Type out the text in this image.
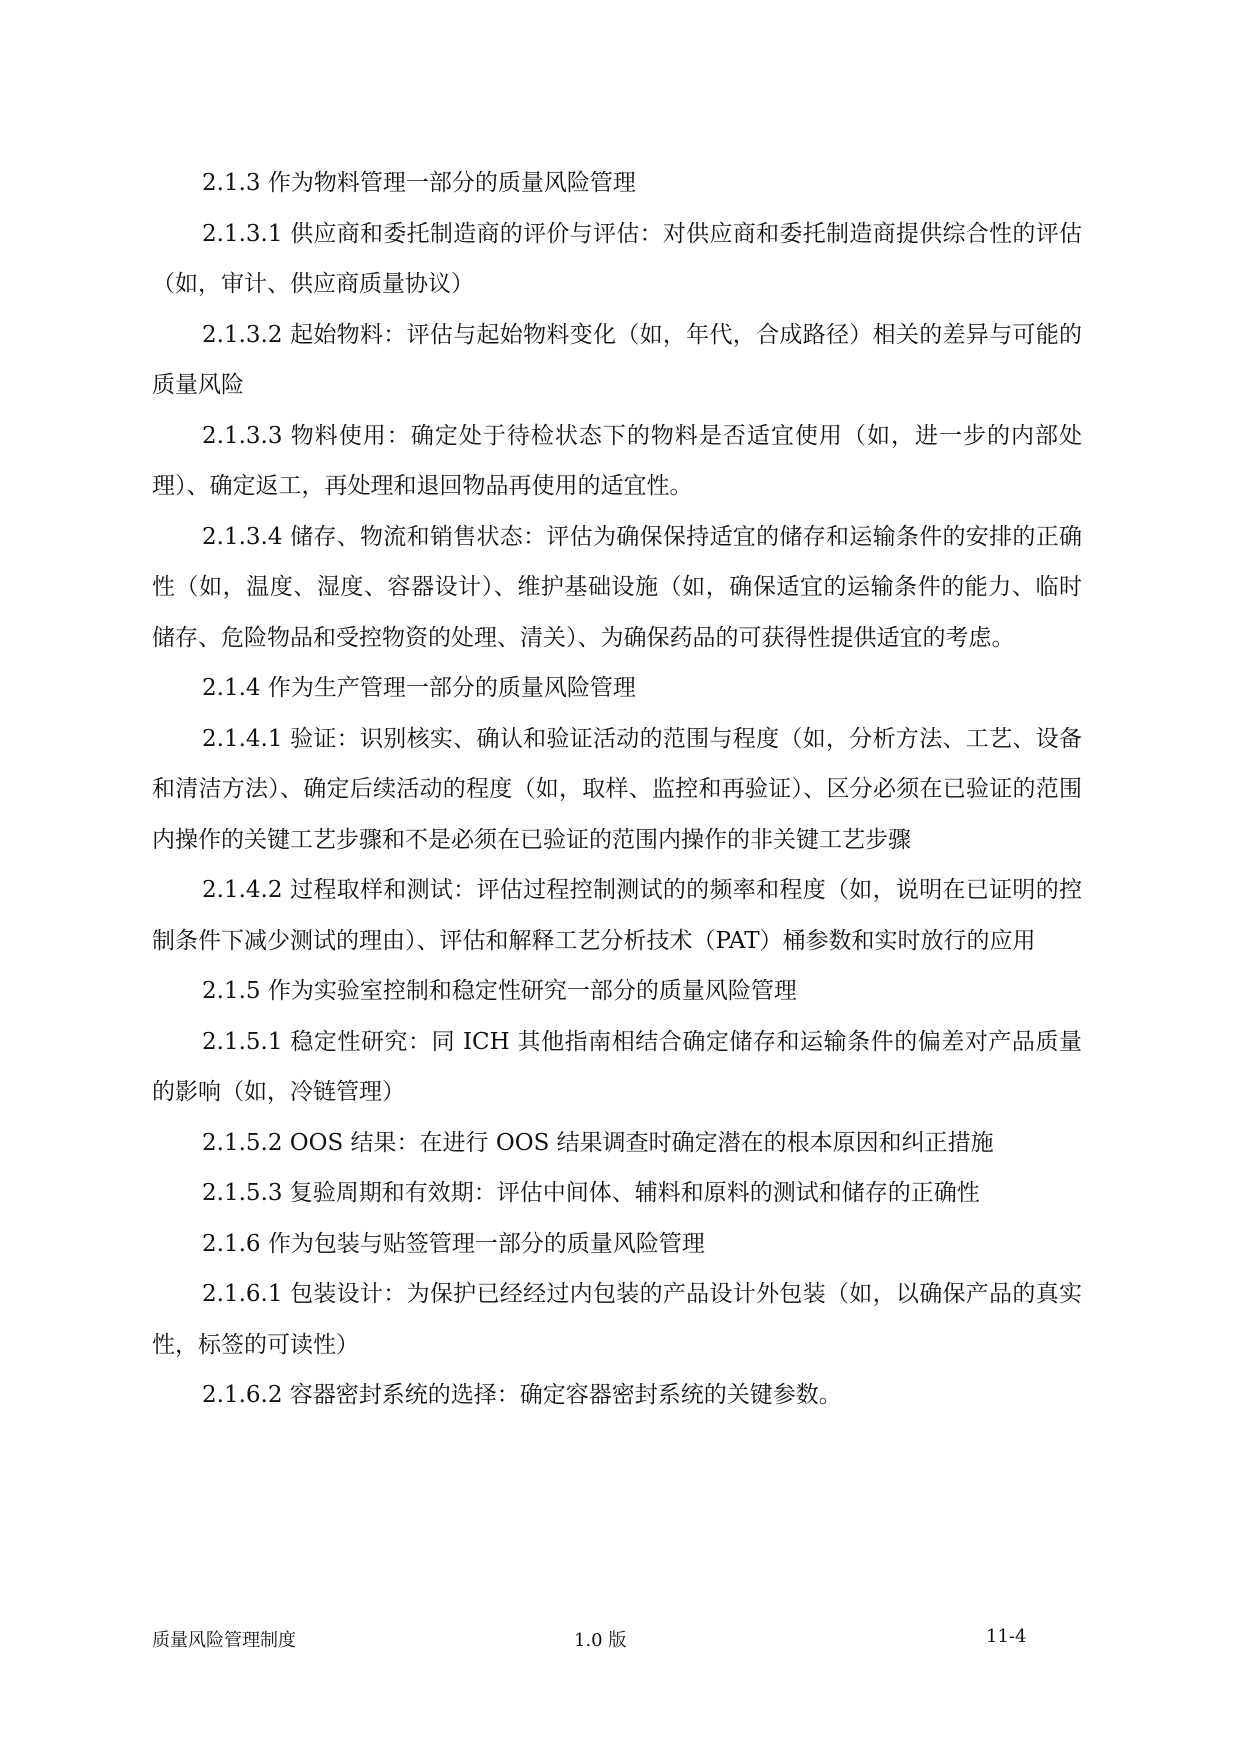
2.1.3 作为物料管理一部分的质量风险管理

2.1.3.1 供应商和委托制造商的评价与评估：对供应商和委托制造商提供综合性的评估（如，审计、供应商质量协议）

2.1.3.2 起始物料：评估与起始物料变化（如，年代，合成路径）相关的差异与可能的质量风险

2.1.3.3 物料使用：确定处于待检状态下的物料是否适宜使用（如，进一步的内部处理）、确定返工，再处理和退回物品再使用的适宜性。

2.1.3.4 储存、物流和销售状态：评估为确保保持适宜的储存和运输条件的安排的正确性（如，温度、湿度、容器设计）、维护基础设施（如，确保适宜的运输条件的能力、临时储存、危险物品和受控物资的处理、清关）、为确保药品的可获得性提供适宜的考虑。

2.1.4 作为生产管理一部分的质量风险管理

2.1.4.1 验证：识别核实、确认和验证活动的范围与程度（如，分析方法、工艺、设备和清洁方法）、确定后续活动的程度（如，取样、监控和再验证）、区分必须在已验证的范围内操作的关键工艺步骤和不是必须在已验证的范围内操作的非关键工艺步骤

2.1.4.2 过程取样和测试：评估过程控制测试的的频率和程度（如，说明在已证明的控制条件下减少测试的理由）、评估和解释工艺分析技术（PAT）桶参数和实时放行的应用

2.1.5 作为实验室控制和稳定性研究一部分的质量风险管理

2.1.5.1 稳定性研究：同 ICH 其他指南相结合确定储存和运输条件的偏差对产品质量的影响（如，冷链管理）

2.1.5.2 OOS 结果：在进行 OOS 结果调查时确定潜在的根本原因和纠正措施

2.1.5.3 复验周期和有效期：评估中间体、辅料和原料的测试和储存的正确性

2.1.6 作为包装与贴签管理一部分的质量风险管理

2.1.6.1 包装设计：为保护已经经过内包装的产品设计外包装（如，以确保产品的真实性，标签的可读性）

2.1.6.2 容器密封系统的选择：确定容器密封系统的关键参数。

质量风险管理制度	1.0 版	11-4
